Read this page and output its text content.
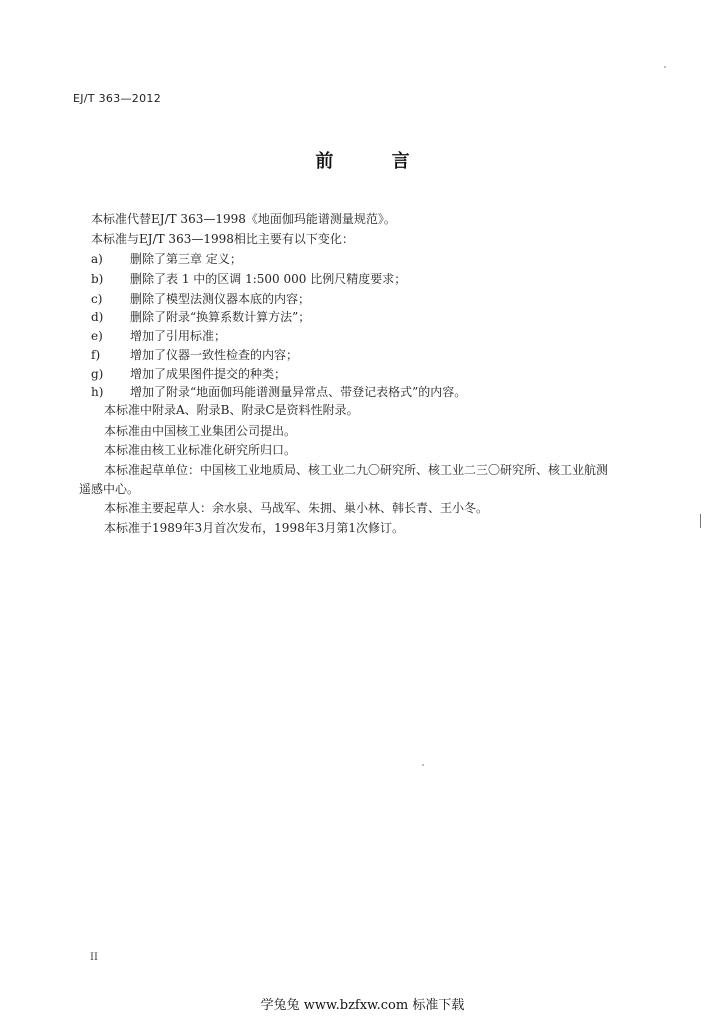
EJ/T 363—2012
前 言
本标准代替EJ/T 363—1998《地面伽玛能谱测量规范》。
本标准与EJ/T 363—1998相比主要有以下变化：
a) 删除了第三章 定义；
b) 删除了表 1 中的区调 1:500 000 比例尺精度要求；
c) 删除了模型法测仪器本底的内容；
d) 删除了附录“换算系数计算方法”；
e) 增加了引用标准；
f) 增加了仪器一致性检查的内容；
g) 增加了成果图件提交的种类；
h) 增加了附录“地面伽玛能谱测量异常点、带登记表格式”的内容。
本标准中附录A、附录B、附录C是资料性附录。
本标准由中国核工业集团公司提出。
本标准由核工业标准化研究所归口。
本标准起草单位：中国核工业地质局、核工业二九〇研究所、核工业二三〇研究所、核工业航测
遥感中心。
本标准主要起草人：余水泉、马战军、朱拥、巢小林、韩长青、王小冬。
本标准于1989年3月首次发布，1998年3月第1次修订。
II
学兔兔 www.bzfxw.com 标准下载
